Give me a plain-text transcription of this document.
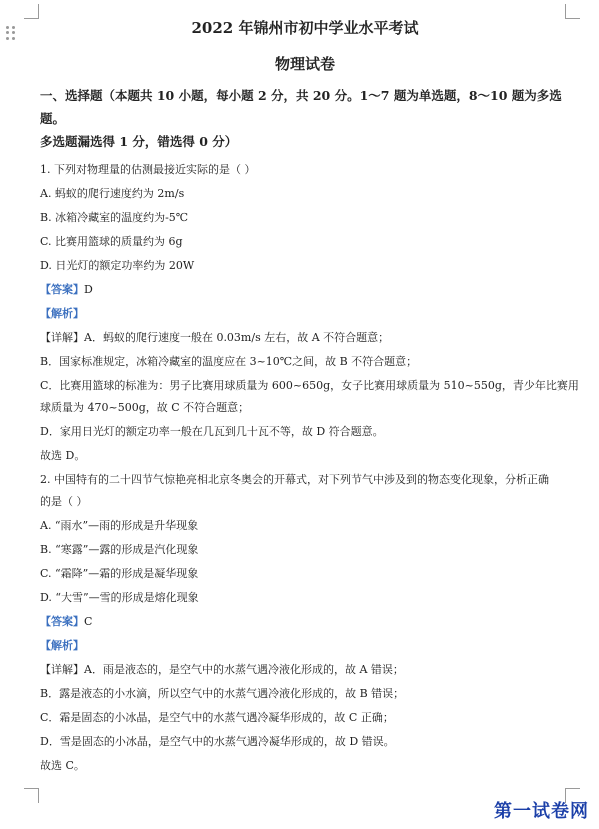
2022 年锦州市初中学业水平考试
物理试卷
一、选择题（本题共 10 小题，每小题 2 分，共 20 分。1～7 题为单选题，8～10 题为多选题。
多选题漏选得 1 分，错选得 0 分）
1. 下列对物理量的估测最接近实际的是（ ）
A. 蚂蚁的爬行速度约为 2m/s
B. 冰箱冷藏室的温度约为-5℃
C. 比赛用篮球的质量约为 6g
D. 日光灯的额定功率约为 20W
【答案】D
【解析】
【详解】A．蚂蚁的爬行速度一般在 0.03m/s 左右，故 A 不符合题意；
B．国家标准规定，冰箱冷藏室的温度应在 3~10℃之间，故 B 不符合题意；
C．比赛用篮球的标准为：男子比赛用球质量为 600~650g，女子比赛用球质量为 510~550g，青少年比赛用
球质量为 470~500g，故 C 不符合题意；
D．家用日光灯的额定功率一般在几瓦到几十瓦不等，故 D 符合题意。
故选 D。
2. 中国特有的二十四节气惊艳亮相北京冬奥会的开幕式，对下列节气中涉及到的物态变化现象，分析正确
的是（ ）
A. “雨水”—雨的形成是升华现象
B. “寒露”—露的形成是汽化现象
C. “霜降”—霜的形成是凝华现象
D. “大雪”—雪的形成是熔化现象
【答案】C
【解析】
【详解】A．雨是液态的，是空气中的水蒸气遇冷液化形成的，故 A 错误；
B．露是液态的小水滴，所以空气中的水蒸气遇冷液化形成的，故 B 错误；
C．霜是固态的小冰晶，是空气中的水蒸气遇冷凝华形成的，故 C 正确；
D．雪是固态的小冰晶，是空气中的水蒸气遇冷凝华形成的，故 D 错误。
故选 C。
第一试卷网
